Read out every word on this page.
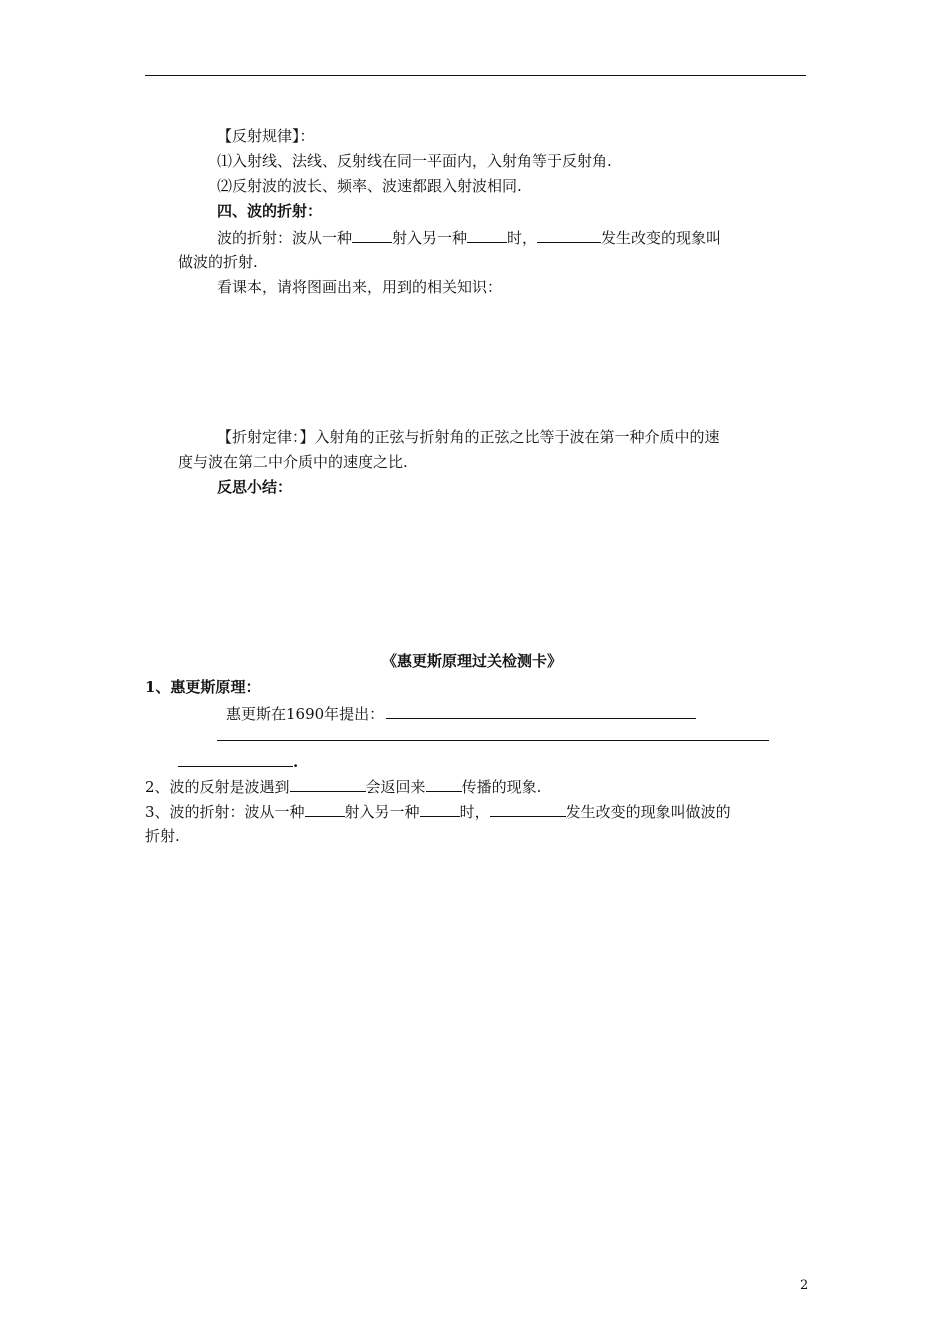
【反射规律】：
⑴入射线、法线、反射线在同一平面内，入射角等于反射角.
⑵反射波的波长、频率、波速都跟入射波相同.
四、波的折射：
波的折射：波从一种	射入另一种	时，	发生改变的现象叫
做波的折射.
看课本，请将图画出来，用到的相关知识：
【折射定律：】入射角的正弦与折射角的正弦之比等于波在第一种介质中的速
度与波在第二中介质中的速度之比.
反思小结：
《惠更斯原理过关检测卡》
1、惠更斯原理：
惠更斯在1690年提出：
.
2、波的反射是波遇到	会返回来 传播的现象.
3、波的折射：波从一种	射入另一种	时，	发生改变的现象叫做波的
折射.
2
